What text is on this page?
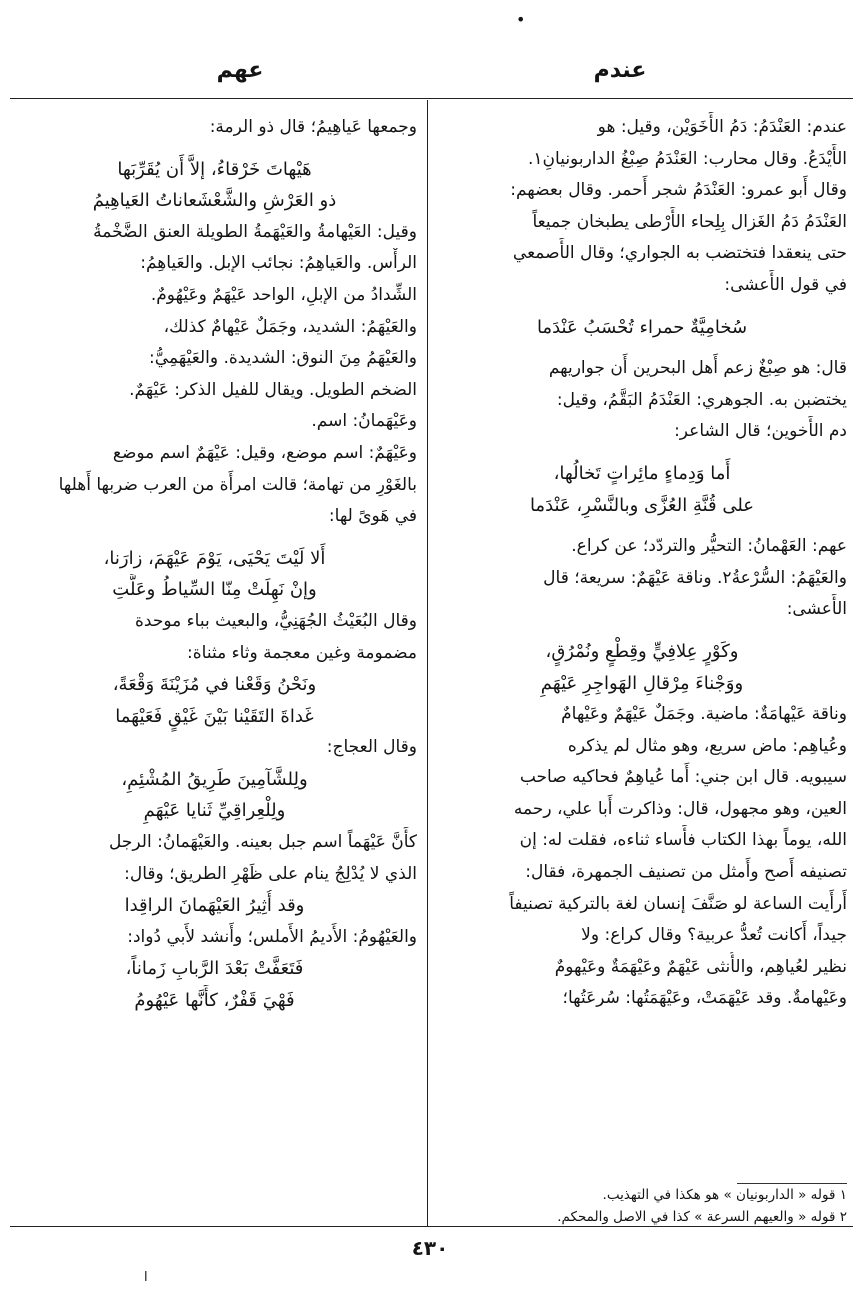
•
عندم
عهم
عندم: العَنْدَمُ: دَمُ الأَخَوَيْن، وقيل: هو
الأَيْدَعُ. وقال محارب: العَنْدَمُ صِبْغُ الداربونيانِ١.
وقال أَبو عمرو: العَنْدَمُ شجر أَحمر. وقال بعضهم:
العَنْدَمُ دَمُ الغَزال بِلِحاء الأَرْطى يطبخان جميعاً
حتى ينعقدا فتختضب به الجواري؛ وقال الأَصمعي
في قول الأَعشى:
سُخامِيَّةٌ حمراء تُحْسَبُ عَنْدَما
قال: هو صِبْغٌ زعم أَهل البحرين أَن جواريهم
يختضبن به. الجوهري: العَنْدَمُ البَقَّمُ، وقيل:
دم الأَخوين؛ قال الشاعر:
أَما وَدِماءٍ مائِراتٍ تَخالُها،
على قُنَّةِ العُزَّى وبالنَّسْرِ، عَنْدَما
عهم: العَهْمانُ: التحيُّر والتردّد؛ عن كراع.
والعَيْهَمُ: السُّرْعةُ٢. وناقة عَيْهَمٌ: سريعة؛ قال
الأَعشى:
وكَوْرٍ عِلافِيٍّ وقِطْعٍ ونُمْرُقٍ،
ووَجْناءَ مِرْقالِ الهَواجِرِ عَيْهَمِ
وناقة عَيْهامَةٌ: ماضية. وجَمَلٌ عَيْهَمٌ وعَيْهامٌ
وعُياهِم: ماض سريع، وهو مثال لم يذكره
سيبويه. قال ابن جني: أَما عُياهِمٌ فحاكيه صاحب
العين، وهو مجهول، قال: وذاكرت أَبا علي، رحمه
الله، يوماً بهذا الكتاب فأَساء ثناءه، فقلت له: إن
تصنيفه أَصح وأَمثل من تصنيف الجمهرة، فقال:
أَرأَيت الساعة لو صَنَّفَ إنسان لغة بالتركية تصنيفاً
جيداً، أَكانت تُعدُّ عربية؟ وقال كراع: ولا
نظير لعُياهِم، والأُنثى عَيْهَمٌ وعَيْهَمَةٌ وعَيْهومٌ
وعَيْهامةٌ. وقد عَيْهَمَتْ، وعَيْهَمَتُها: سُرعَتُها؛
١ قوله « الداربونيان » هو هكذا في التهذيب.
٢ قوله « والعيهم السرعة » كذا في الاصل والمحكم.
وجمعها عَياهِيمُ؛ قال ذو الرمة:
هَيْهاتَ خَرْقاءُ، إلاَّ أَن يُقَرِّبَها
ذو العَرْشِ والشَّعْشَعاناتُ العَياهِيمُ
وقيل: العَيْهامةُ والعَيْهَمةُ الطويلة العنق الضَّخْمةُ
الرأْس. والعَياهِمُ: نجائب الإبل. والعَياهِمُ:
الشِّدادُ من الإبلِ، الواحد عَيْهَمٌ وعَيْهُومٌ.
والعَيْهَمُ: الشديد، وجَمَلٌ عَيْهامٌ كذلك،
والعَيْهَمُ مِنَ النوق: الشديدة. والعَيْهَمِيُّ:
الضخم الطويل. ويقال للفيل الذكر: عَيْهَمٌ.
وعَيْهَمانُ: اسم.
وعَيْهَمٌ: اسم موضع، وقيل: عَيْهَمٌ اسم موضع
بالغَوْرِ من تهامة؛ قالت امرأَة من العرب ضربها أَهلها
في هَوىً لها:
أَلا لَيْتَ يَحْيَى، يَوْمَ عَيْهَمَ، زارَنا،
وإنْ نَهِلَتْ مِنّا السِّياطُ وعَلَّتِ
وقال البُعَيْثُ الجُهَنِيُّ، والبعيث بباء موحدة
مضمومة وغين معجمة وثاء مثناة:
ونَحْنُ وَقَعْنا في مُزَيْنَةَ وَقْعَةً،
غَداةَ التَقَيْنا بَيْنَ غَيْقٍ فَعَيْهَما
وقال العجاج:
ولِلشَّآمِينَ طَرِيقُ المُشْئِمِ،
ولِلْعِراقِيِّ ثَنايا عَيْهَمِ
كأَنَّ عَيْهَماً اسم جبل بعينه. والعَيْهَمانُ: الرجل
الذي لا يُدْلِجُ ينام على ظَهْرِ الطريق؛ وقال:
وقد أُثِيرُ العَيْهَمانَ الراقِدا
والعَيْهُومُ: الأَديمُ الأَملس؛ وأَنشد لأَبي دُواد:
فَتَعَفَّتْ بَعْدَ الرَّبابِ زَماناً،
فَهْيَ قَفْرٌ، كأَنَّها عَيْهُومُ
٤٣٠
ا
